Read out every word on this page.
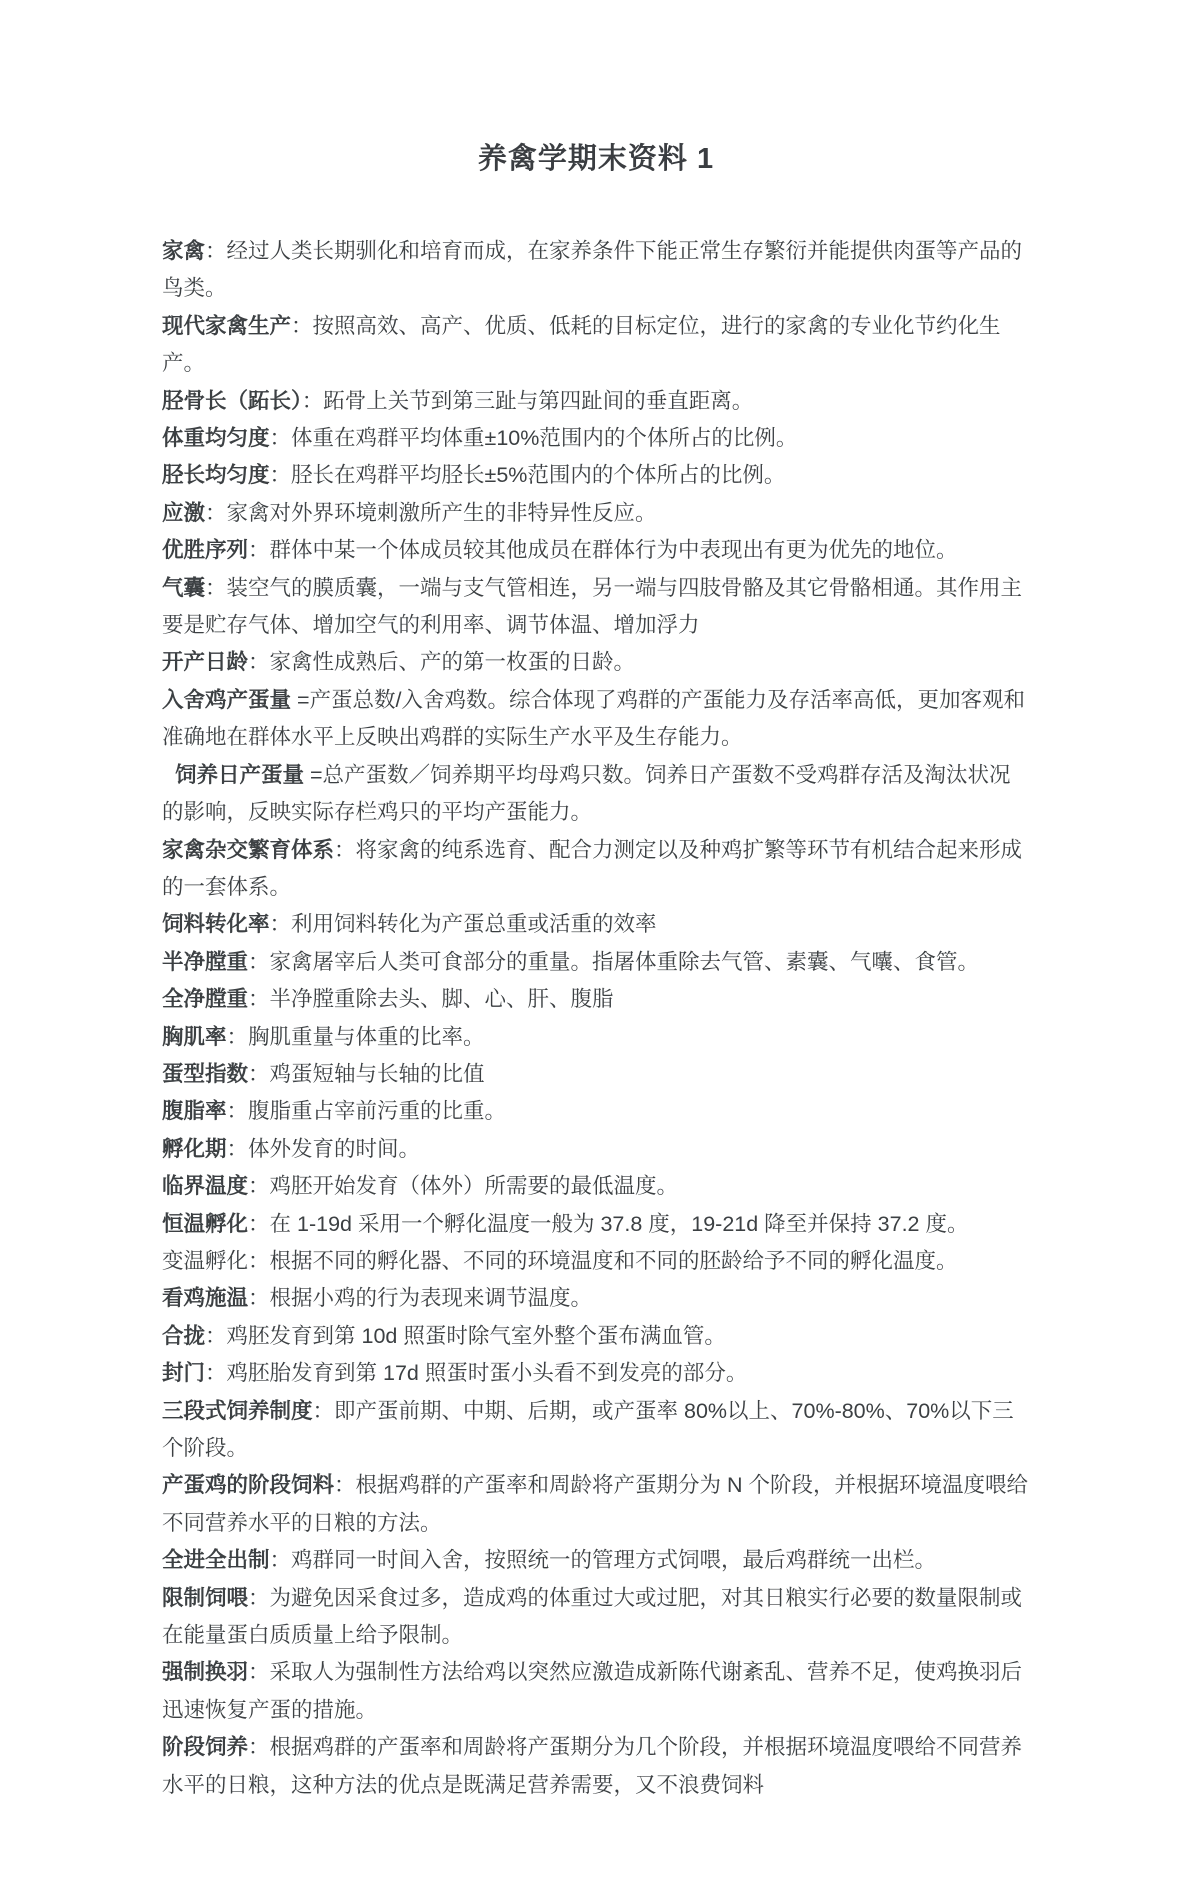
养禽学期末资料 1

家禽：经过人类长期驯化和培育而成，在家养条件下能正常生存繁衍并能提供肉蛋等产品的鸟类。

现代家禽生产：按照高效、高产、优质、低耗的目标定位，进行的家禽的专业化节约化生产。

胫骨长（跖长）：跖骨上关节到第三趾与第四趾间的垂直距离。

体重均匀度：体重在鸡群平均体重±10%范围内的个体所占的比例。

胫长均匀度：胫长在鸡群平均胫长±5%范围内的个体所占的比例。

应激：家禽对外界环境刺激所产生的非特异性反应。

优胜序列：群体中某一个体成员较其他成员在群体行为中表现出有更为优先的地位。

气囊：装空气的膜质囊，一端与支气管相连，另一端与四肢骨骼及其它骨骼相通。其作用主要是贮存气体、增加空气的利用率、调节体温、增加浮力

开产日龄：家禽性成熟后、产的第一枚蛋的日龄。

入舍鸡产蛋量 =产蛋总数/入舍鸡数。综合体现了鸡群的产蛋能力及存活率高低，更加客观和准确地在群体水平上反映出鸡群的实际生产水平及生存能力。

饲养日产蛋量 =总产蛋数／饲养期平均母鸡只数。饲养日产蛋数不受鸡群存活及淘汰状况的影响，反映实际存栏鸡只的平均产蛋能力。

家禽杂交繁育体系：将家禽的纯系选育、配合力测定以及种鸡扩繁等环节有机结合起来形成的一套体系。

饲料转化率：利用饲料转化为产蛋总重或活重的效率

半净膛重：家禽屠宰后人类可食部分的重量。指屠体重除去气管、素囊、气囔、食管。

全净膛重：半净膛重除去头、脚、心、肝、腹脂

胸肌率：胸肌重量与体重的比率。

蛋型指数：鸡蛋短轴与长轴的比值

腹脂率：腹脂重占宰前污重的比重。

孵化期：体外发育的时间。

临界温度：鸡胚开始发育（体外）所需要的最低温度。

恒温孵化：在 1-19d 采用一个孵化温度一般为 37.8 度，19-21d 降至并保持 37.2 度。

变温孵化：根据不同的孵化器、不同的环境温度和不同的胚龄给予不同的孵化温度。

看鸡施温：根据小鸡的行为表现来调节温度。

合拢：鸡胚发育到第 10d 照蛋时除气室外整个蛋布满血管。

封门：鸡胚胎发育到第 17d 照蛋时蛋小头看不到发亮的部分。

三段式饲养制度：即产蛋前期、中期、后期，或产蛋率 80%以上、70%-80%、70%以下三个阶段。

产蛋鸡的阶段饲料：根据鸡群的产蛋率和周龄将产蛋期分为 N 个阶段，并根据环境温度喂给不同营养水平的日粮的方法。

全进全出制：鸡群同一时间入舍，按照统一的管理方式饲喂，最后鸡群统一出栏。

限制饲喂：为避免因采食过多，造成鸡的体重过大或过肥，对其日粮实行必要的数量限制或在能量蛋白质质量上给予限制。

强制换羽：采取人为强制性方法给鸡以突然应激造成新陈代谢紊乱、营养不足，使鸡换羽后迅速恢复产蛋的措施。

阶段饲养：根据鸡群的产蛋率和周龄将产蛋期分为几个阶段，并根据环境温度喂给不同营养水平的日粮，这种方法的优点是既满足营养需要，又不浪费饲料
